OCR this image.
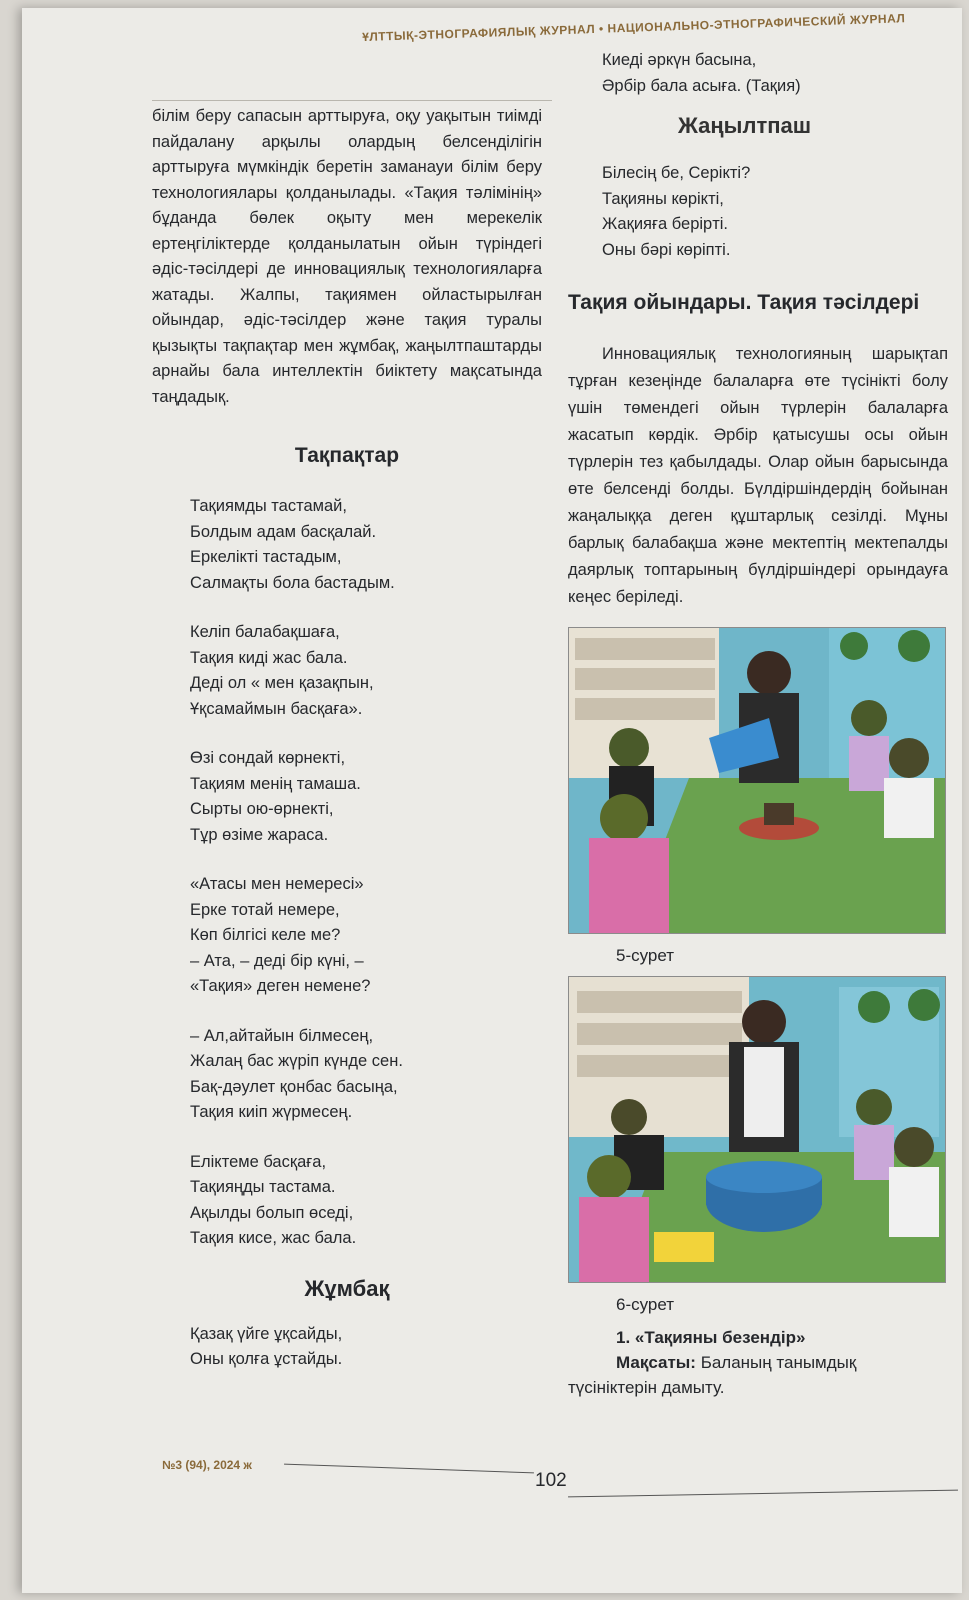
ҰЛТТЫҚ-ЭТНОГРАФИЯЛЫҚ ЖУРНАЛ • НАЦИОНАЛЬНО-ЭТНОГРАФИЧЕСКИЙ ЖУРНАЛ

білім беру сапасын арттыруға, оқу уақытын тиімді пайдалану арқылы олардың белсенділігін арттыруға мүмкіндік беретін заманауи білім беру технологиялары қолданылады. «Тақия тәлімінің» бұданда бөлек оқыту мен мерекелік ертеңгіліктерде қолданылатын ойын түріндегі әдіс-тәсілдері де инновациялық технологияларға жатады. Жалпы, тақиямен ойластырылған ойындар, әдіс-тәсілдер және тақия туралы қызықты тақпақтар мен жұмбақ, жаңылтпаштарды арнайы бала интеллектін биіктету мақсатында таңдадық.

Тақпақтар
Тақиямды тастамай,
Болдым адам басқалай.
Еркелікті тастадым,
Салмақты бола бастадым.
Келіп балабақшаға,
Тақия киді жас бала.
Деді ол « мен қазақпын,
Ұқсамаймын басқаға».
Өзі сондай көрнекті,
Тақиям менің тамаша.
Сырты ою-өрнекті,
Тұр өзіме жараса.
«Атасы мен немересі»
Ерке тотай немере,
Көп білгісі келе ме?
– Ата, – деді бір күні, –
«Тақия» деген немене?
– Ал,айтайын білмесең,
Жалаң бас жүріп күнде сен.
Бақ-дәулет қонбас басыңа,
Тақия киіп жүрмесең.
Еліктеме басқаға,
Тақияңды тастама.
Ақылды болып өседі,
Тақия кисе, жас бала.
Жұмбақ
Қазақ үйге ұқсайды,
Оны қолға ұстайды.
Киеді әркүн басына,
Әрбір бала асыға. (Тақия)
Жаңылтпаш
Білесің бе, Серікті?
Тақияны көрікті,
Жақияға берipті.
Оны бәрі көріпті.
Тақия ойындары. Тақия тәсілдері

Инновациялық технологияның шарықтап тұрған кезеңінде балаларға өте түсінікті болу үшін төмендегі ойын түрлерін балаларға жасатып көрдік. Әрбір қатысушы осы ойын түрлерін тез қабылдады. Олар ойын барысында өте белсенді болды. Бүлдіршіндердің бойынан жаңалыққа деген құштарлық сезілді. Мұны барлық балабақша және мектептің мектепалды даярлық топтарының бүлдіршіндері орындауға кеңес беріледі.

5-сурет
6-сурет
1. «Тақияны безендір»
Мақсаты: Баланың танымдық түсініктерін дамыту.
№3 (94), 2024 ж
102
